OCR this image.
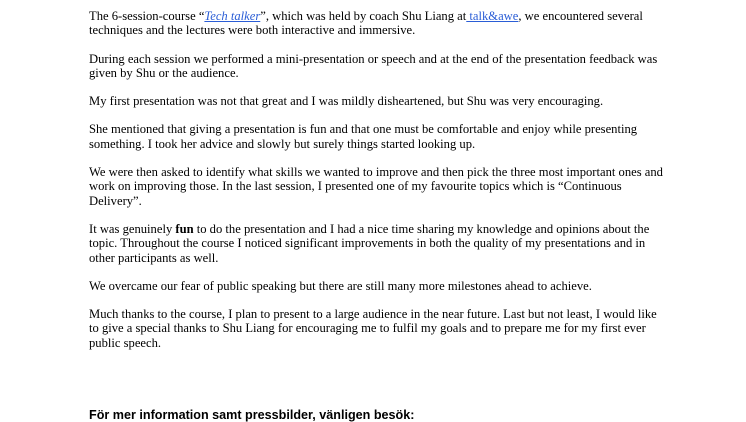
The 6-session-course “Tech talker”, which was held by coach Shu Liang at talk&awe, we encountered several techniques and the lectures were both interactive and immersive.

During each session we performed a mini-presentation or speech and at the end of the presentation feedback was given by Shu or the audience.

My first presentation was not that great and I was mildly disheartened, but Shu was very encouraging.

She mentioned that giving a presentation is fun and that one must be comfortable and enjoy while presenting something. I took her advice and slowly but surely things started looking up.

We were then asked to identify what skills we wanted to improve and then pick the three most important ones and work on improving those. In the last session, I presented one of my favourite topics which is “Continuous Delivery”.

It was genuinely fun to do the presentation and I had a nice time sharing my knowledge and opinions about the topic. Throughout the course I noticed significant improvements in both the quality of my presentations and in other participants as well.

We overcame our fear of public speaking but there are still many more milestones ahead to achieve.

Much thanks to the course, I plan to present to a large audience in the near future. Last but not least, I would like to give a special thanks to Shu Liang for encouraging me to fulfil my goals and to prepare me for my first ever public speech.

För mer information samt pressbilder, vänligen besök:
